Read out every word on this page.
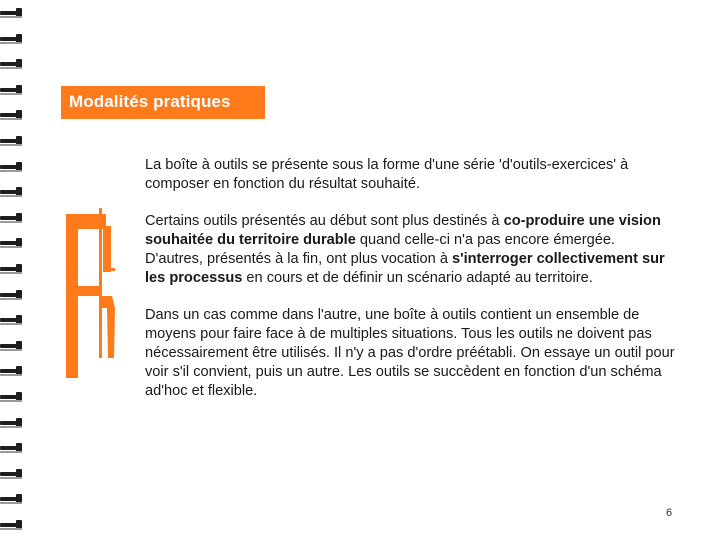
Modalités pratiques

La boîte à outils se présente sous la forme d'une série 'd'outils-exercices' à composer en fonction du résultat souhaité.

Certains outils présentés au début sont plus destinés à co-produire une vision souhaitée du territoire durable quand celle-ci n'a pas encore émergée. D'autres, présentés à la fin, ont plus vocation à s'interroger collectivement sur les processus en cours et de définir un scénario adapté au territoire.

Dans un cas comme dans l'autre, une boîte à outils contient un ensemble de moyens pour faire face à de multiples situations. Tous les outils ne doivent pas nécessairement être utilisés. Il n'y a pas d'ordre préétabli. On essaye un outil pour voir s'il convient, puis un autre. Les outils se succèdent en fonction d'un schéma ad'hoc et flexible.

6
